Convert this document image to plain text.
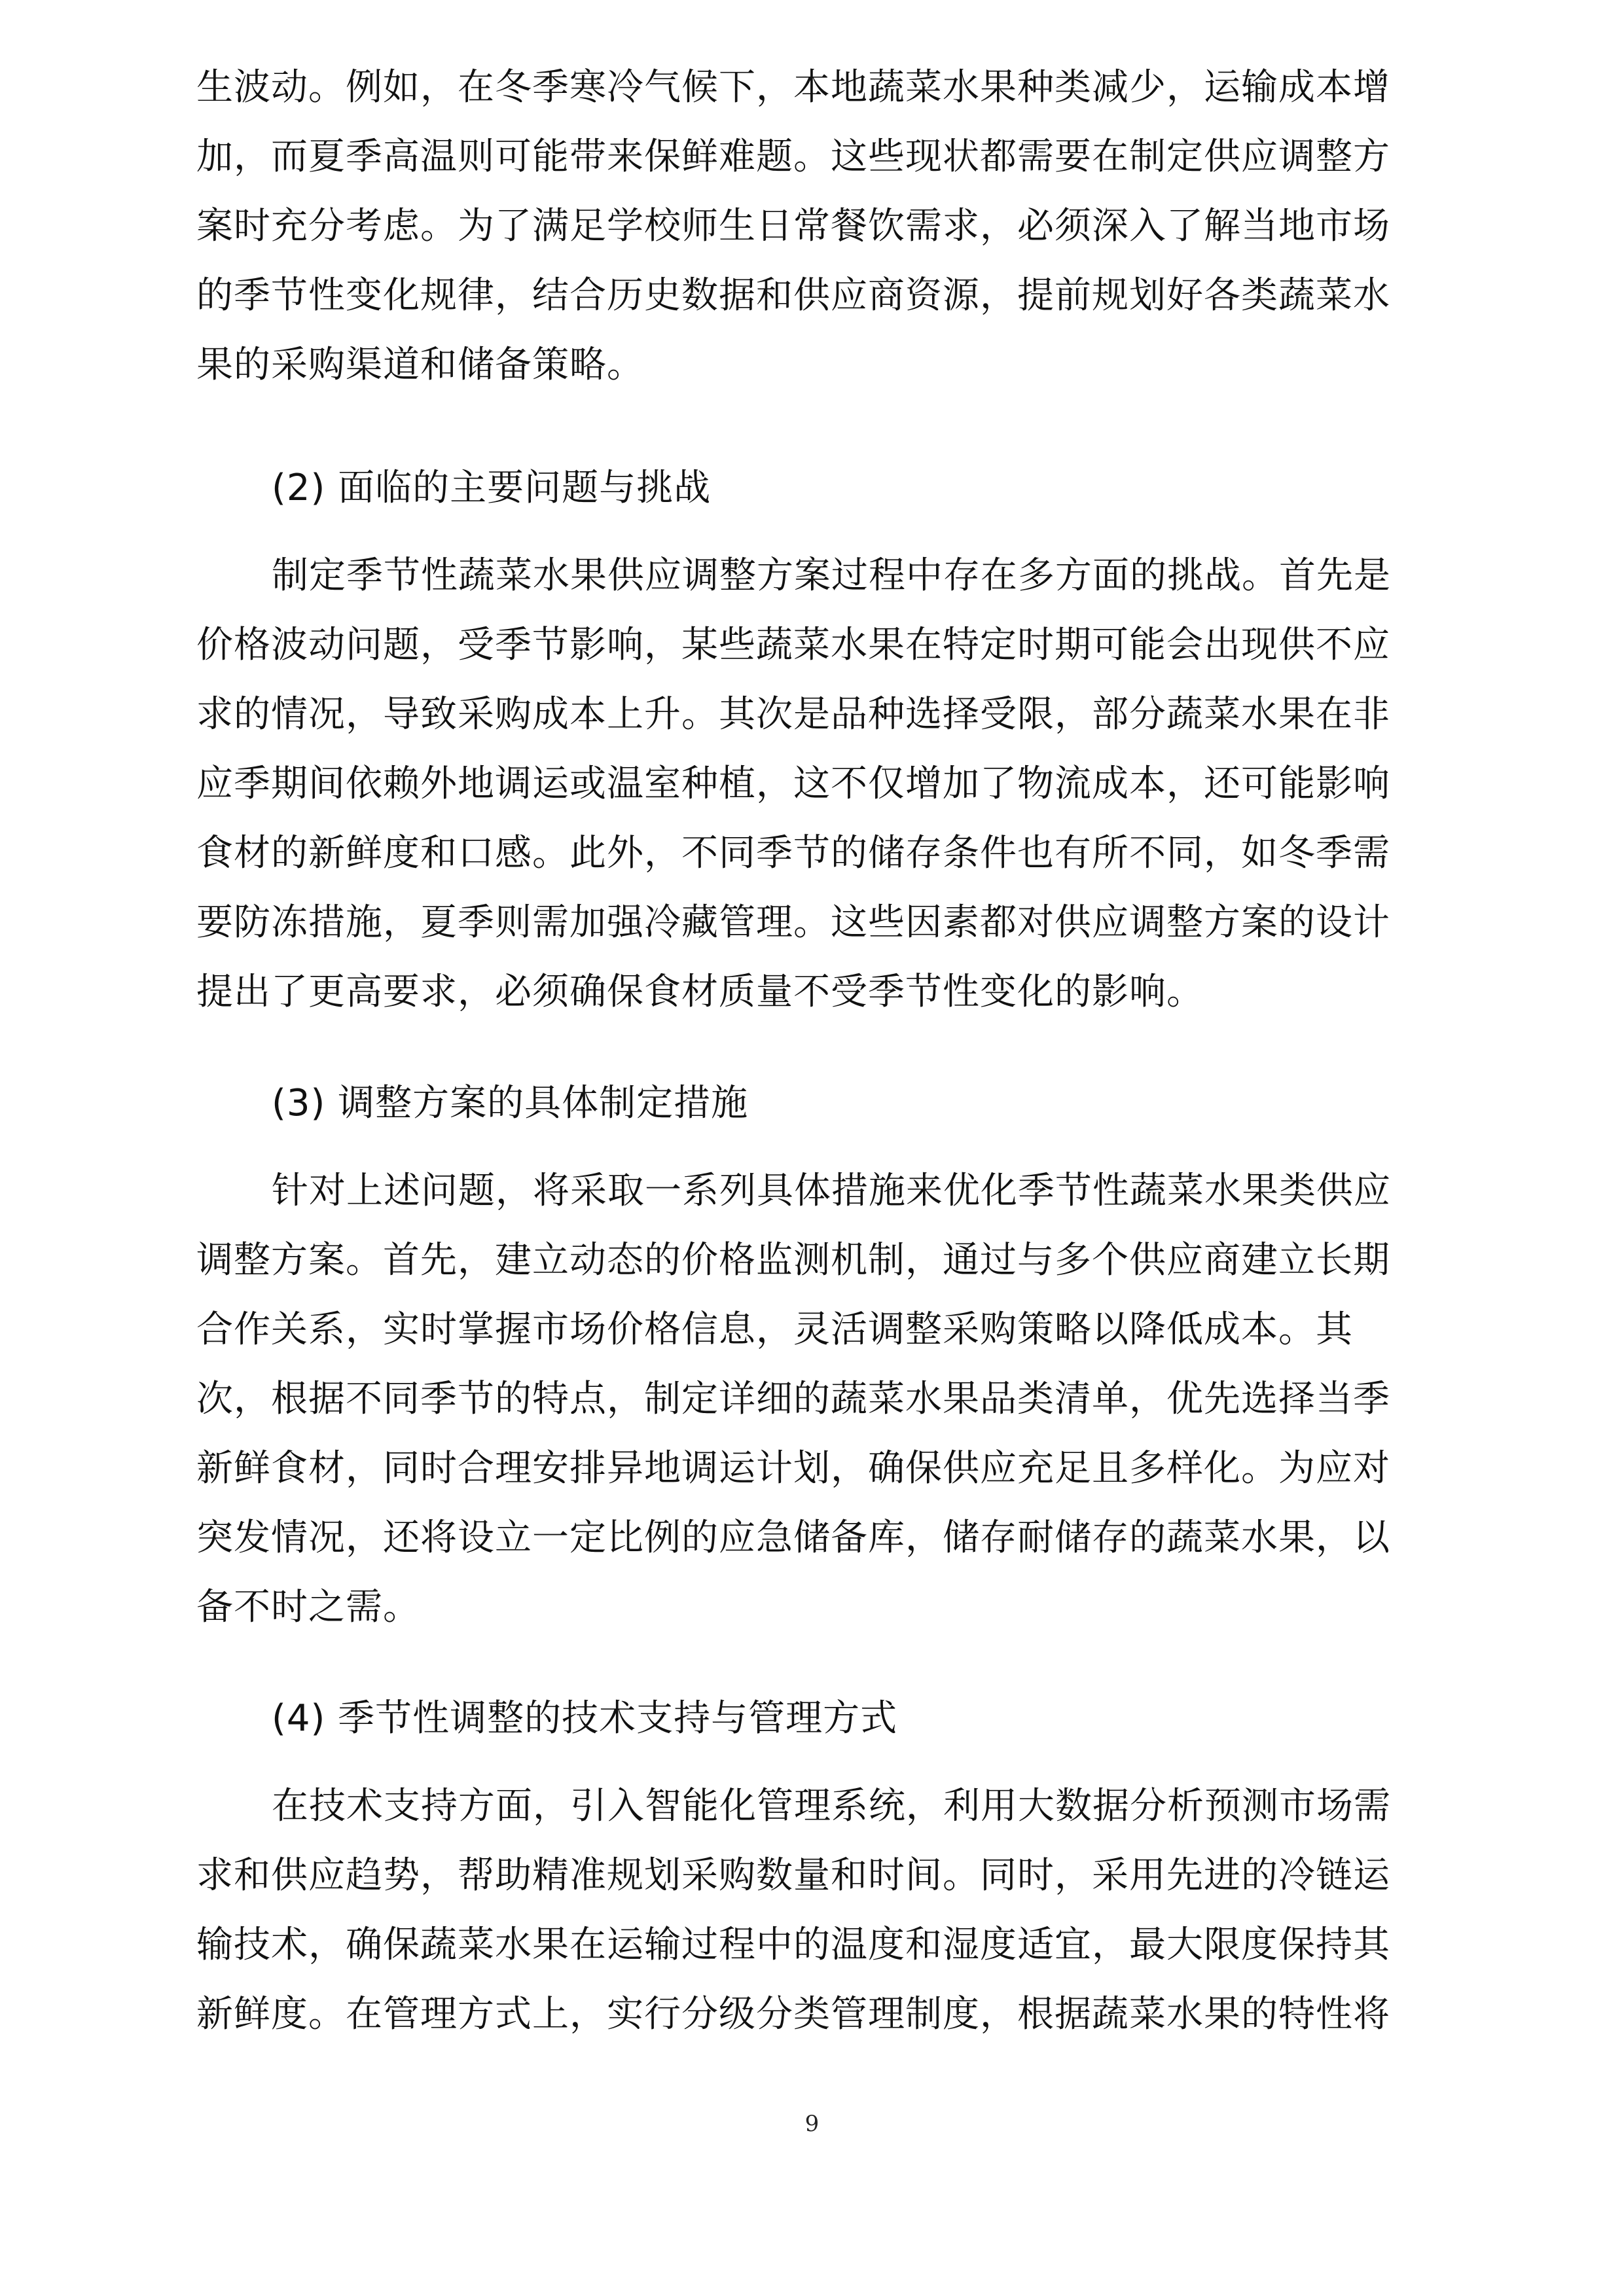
生波动。例如，在冬季寒冷气候下，本地蔬菜水果种类减少，运输成本增
加，而夏季高温则可能带来保鲜难题。这些现状都需要在制定供应调整方
案时充分考虑。为了满足学校师生日常餐饮需求，必须深入了解当地市场
的季节性变化规律，结合历史数据和供应商资源，提前规划好各类蔬菜水
果的采购渠道和储备策略。
(2) 面临的主要问题与挑战
制定季节性蔬菜水果供应调整方案过程中存在多方面的挑战。首先是
价格波动问题，受季节影响，某些蔬菜水果在特定时期可能会出现供不应
求的情况，导致采购成本上升。其次是品种选择受限，部分蔬菜水果在非
应季期间依赖外地调运或温室种植，这不仅增加了物流成本，还可能影响
食材的新鲜度和口感。此外，不同季节的储存条件也有所不同，如冬季需
要防冻措施，夏季则需加强冷藏管理。这些因素都对供应调整方案的设计
提出了更高要求，必须确保食材质量不受季节性变化的影响。
(3) 调整方案的具体制定措施
针对上述问题，将采取一系列具体措施来优化季节性蔬菜水果类供应
调整方案。首先，建立动态的价格监测机制，通过与多个供应商建立长期
合作关系，实时掌握市场价格信息，灵活调整采购策略以降低成本。其
次，根据不同季节的特点，制定详细的蔬菜水果品类清单，优先选择当季
新鲜食材，同时合理安排异地调运计划，确保供应充足且多样化。为应对
突发情况，还将设立一定比例的应急储备库，储存耐储存的蔬菜水果，以
备不时之需。
(4) 季节性调整的技术支持与管理方式
在技术支持方面，引入智能化管理系统，利用大数据分析预测市场需
求和供应趋势，帮助精准规划采购数量和时间。同时，采用先进的冷链运
输技术，确保蔬菜水果在运输过程中的温度和湿度适宜，最大限度保持其
新鲜度。在管理方式上，实行分级分类管理制度，根据蔬菜水果的特性将
9
